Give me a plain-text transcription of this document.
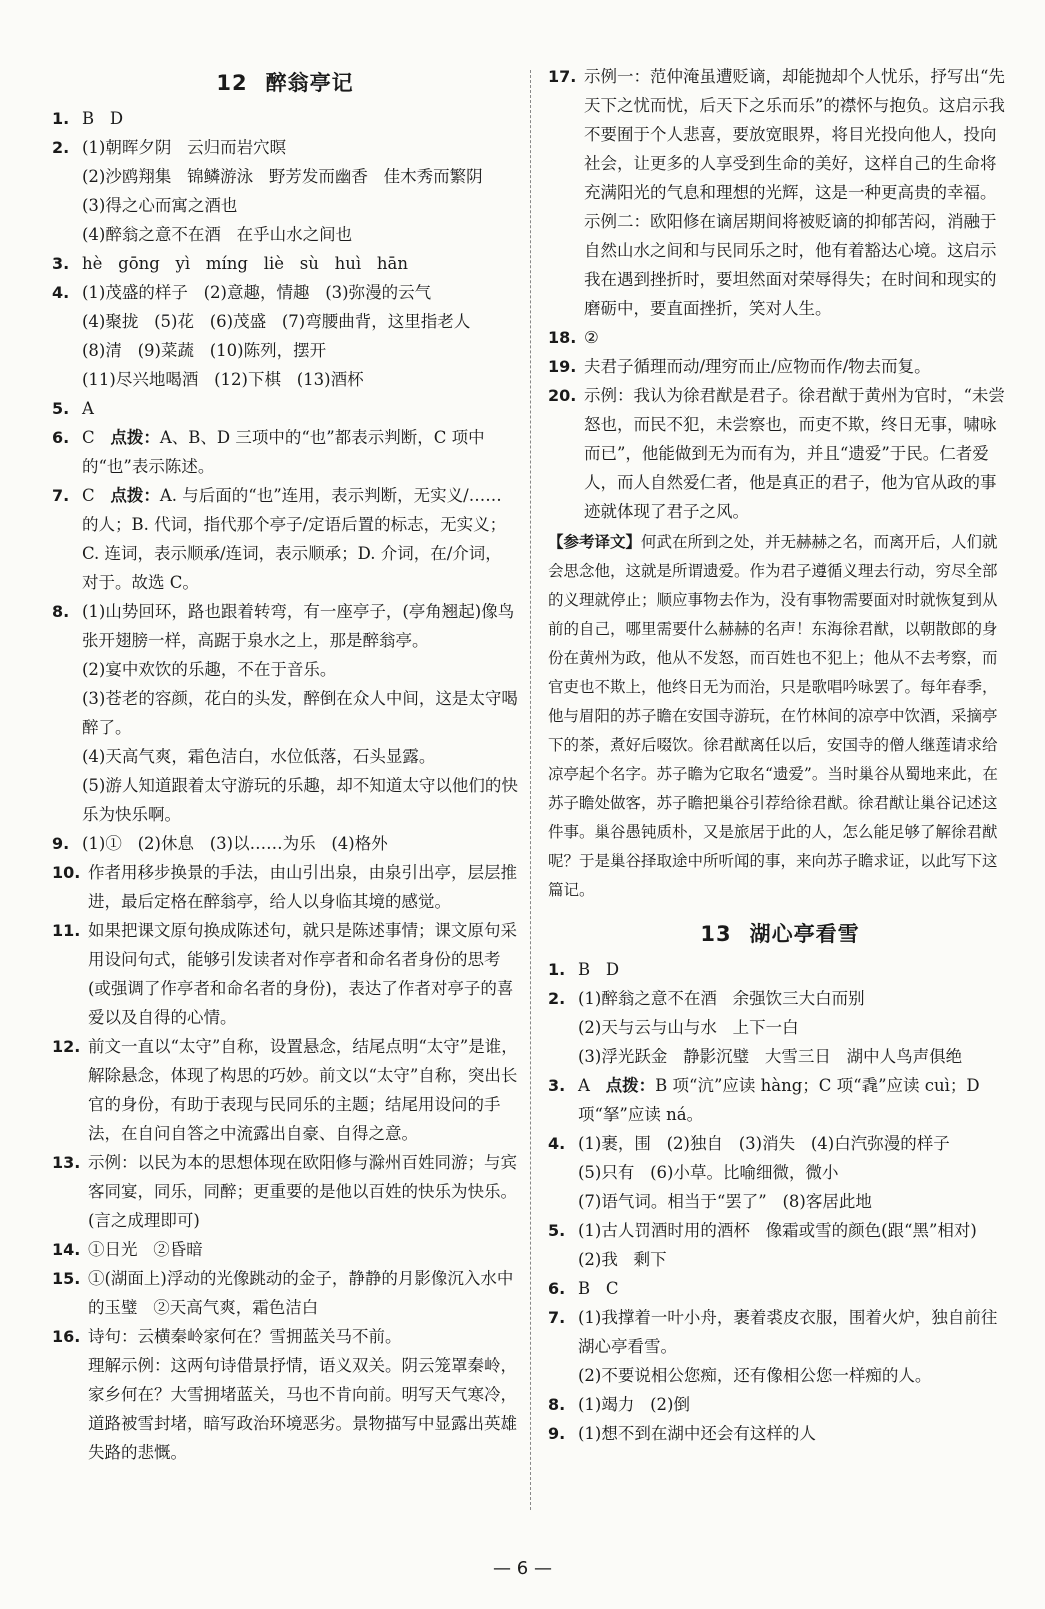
12 醉翁亭记
1. B   D
2. (1)朝晖夕阴   云归而岩穴暝
(2)沙鸥翔集   锦鳞游泳   野芳发而幽香   佳木秀而繁阴
(3)得之心而寓之酒也
(4)醉翁之意不在酒   在乎山水之间也
3. hè   gōng   yì   míng   liè   sù   huì   hān
4. (1)茂盛的样子   (2)意趣，情趣   (3)弥漫的云气
(4)聚拢   (5)花   (6)茂盛   (7)弯腰曲背，这里指老人
(8)清   (9)菜蔬   (10)陈列，摆开
(11)尽兴地喝酒   (12)下棋   (13)酒杯
5. A
6. C   点拨：A、B、D 三项中的“也”都表示判断，C 项中的“也”表示陈述。
7. C   点拨：A. 与后面的“也”连用，表示判断，无实义/……的人；B. 代词，指代那个亭子/定语后置的标志，无实义；C. 连词，表示顺承/连词，表示顺承；D. 介词，在/介词，对于。故选 C。
8. (1)山势回环，路也跟着转弯，有一座亭子，(亭角翘起)像鸟张开翅膀一样，高踞于泉水之上，那是醉翁亭。
(2)宴中欢饮的乐趣，不在于音乐。
(3)苍老的容颜，花白的头发，醉倒在众人中间，这是太守喝醉了。
(4)天高气爽，霜色洁白，水位低落，石头显露。
(5)游人知道跟着太守游玩的乐趣，却不知道太守以他们的快乐为快乐啊。
9. (1)①   (2)休息   (3)以……为乐   (4)格外
10. 作者用移步换景的手法，由山引出泉，由泉引出亭，层层推进，最后定格在醉翁亭，给人以身临其境的感觉。
11. 如果把课文原句换成陈述句，就只是陈述事情；课文原句采用设问句式，能够引发读者对作亭者和命名者身份的思考(或强调了作亭者和命名者的身份)，表达了作者对亭子的喜爱以及自得的心情。
12. 前文一直以“太守”自称，设置悬念，结尾点明“太守”是谁，解除悬念，体现了构思的巧妙。前文以“太守”自称，突出长官的身份，有助于表现与民同乐的主题；结尾用设问的手法，在自问自答之中流露出自豪、自得之意。
13. 示例：以民为本的思想体现在欧阳修与滁州百姓同游；与宾客同宴，同乐，同醉；更重要的是他以百姓的快乐为快乐。(言之成理即可)
14. ①日光   ②昏暗
15. ①(湖面上)浮动的光像跳动的金子，静静的月影像沉入水中的玉璧   ②天高气爽，霜色洁白
16. 诗句：云横秦岭家何在？雪拥蓝关马不前。
理解示例：这两句诗借景抒情，语义双关。阴云笼罩秦岭，家乡何在？大雪拥堵蓝关，马也不肯向前。明写天气寒冷，道路被雪封堵，暗写政治环境恶劣。景物描写中显露出英雄失路的悲慨。
17. 示例一：范仲淹虽遭贬谪，却能抛却个人忧乐，抒写出“先天下之忧而忧，后天下之乐而乐”的襟怀与抱负。这启示我不要囿于个人悲喜，要放宽眼界，将目光投向他人，投向社会，让更多的人享受到生命的美好，这样自己的生命将充满阳光的气息和理想的光辉，这是一种更高贵的幸福。
示例二：欧阳修在谪居期间将被贬谪的抑郁苦闷，消融于自然山水之间和与民同乐之时，他有着豁达心境。这启示我在遇到挫折时，要坦然面对荣辱得失；在时间和现实的磨砺中，要直面挫折，笑对人生。
18. ②
19. 夫君子循理而动/理穷而止/应物而作/物去而复。
20. 示例：我认为徐君猷是君子。徐君猷于黄州为官时，“未尝怒也，而民不犯，未尝察也，而吏不欺，终日无事，啸咏而已”，他能做到无为而有为，并且“遗爱”于民。仁者爱人，而人自然爱仁者，他是真正的君子，他为官从政的事迹就体现了君子之风。
【参考译文】何武在所到之处，并无赫赫之名，而离开后，人们就会思念他，这就是所谓遗爱。作为君子遵循义理去行动，穷尽全部的义理就停止；顺应事物去作为，没有事物需要面对时就恢复到从前的自己，哪里需要什么赫赫的名声！东海徐君猷，以朝散郎的身份在黄州为政，他从不发怒，而百姓也不犯上；他从不去考察，而官吏也不欺上，他终日无为而治，只是歌唱吟咏罢了。每年春季，他与眉阳的苏子瞻在安国寺游玩，在竹林间的凉亭中饮酒，采摘亭下的茶，煮好后啜饮。徐君猷离任以后，安国寺的僧人继莲请求给凉亭起个名字。苏子瞻为它取名“遗爱”。当时巢谷从蜀地来此，在苏子瞻处做客，苏子瞻把巢谷引荐给徐君猷。徐君猷让巢谷记述这件事。巢谷愚钝质朴，又是旅居于此的人，怎么能足够了解徐君猷呢？于是巢谷择取途中所听闻的事，来向苏子瞻求证，以此写下这篇记。
13 湖心亭看雪
1. B   D
2. (1)醉翁之意不在酒   余强饮三大白而别
(2)天与云与山与水   上下一白
(3)浮光跃金   静影沉璧   大雪三日   湖中人鸟声俱绝
3. A   点拨：B 项“沆”应读 hàng；C 项“毳”应读 cuì；D 项“拏”应读 ná。
4. (1)裹，围   (2)独自   (3)消失   (4)白汽弥漫的样子
(5)只有   (6)小草。比喻细微，微小
(7)语气词。相当于“罢了”   (8)客居此地
5. (1)古人罚酒时用的酒杯   像霜或雪的颜色(跟“黑”相对)   (2)我   剩下
6. B   C
7. (1)我撑着一叶小舟，裹着裘皮衣服，围着火炉，独自前往湖心亭看雪。
(2)不要说相公您痴，还有像相公您一样痴的人。
8. (1)竭力   (2)倒
9. (1)想不到在湖中还会有这样的人
— 6 —
